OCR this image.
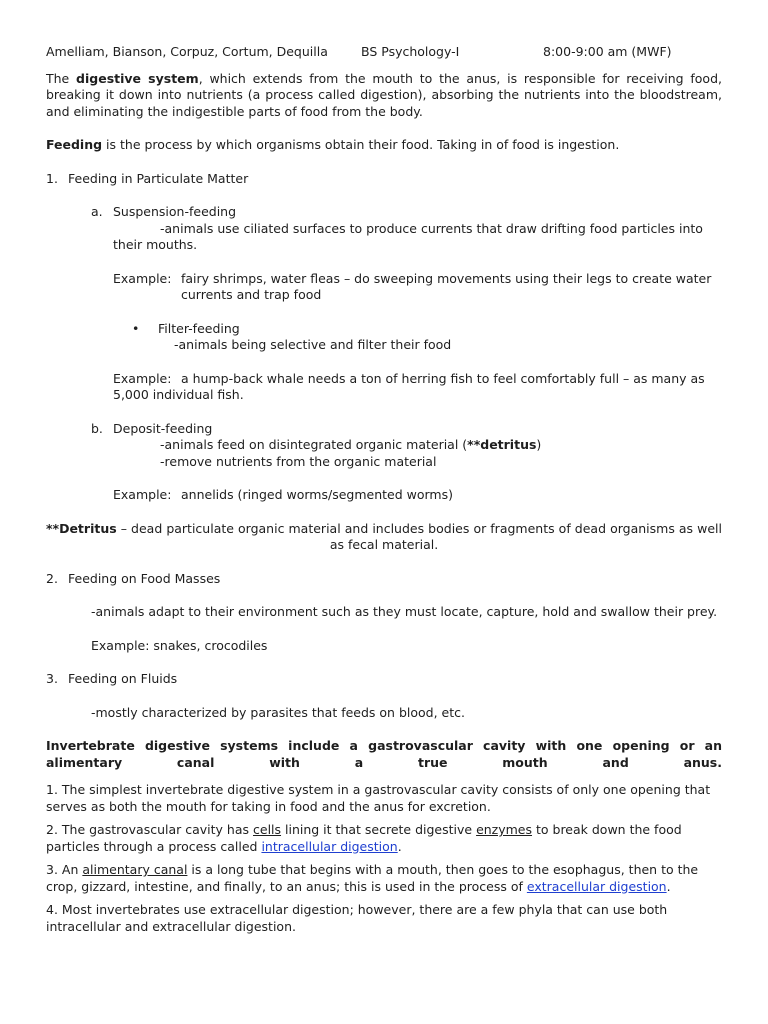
Amelliam, Bianson, Corpuz, Cortum, Dequilla	BS Psychology-I	8:00-9:00 am (MWF)

The digestive system, which extends from the mouth to the anus, is responsible for receiving food, breaking it down into nutrients (a process called digestion), absorbing the nutrients into the bloodstream, and eliminating the indigestible parts of food from the body.

Feeding is the process by which organisms obtain their food. Taking in of food is ingestion.

1. Feeding in Particulate Matter
a. Suspension-feeding

-animals use ciliated surfaces to produce currents that draw drifting food particles into their mouths.

Example: fairy shrimps, water fleas – do sweeping movements using their legs to create water currents and trap food
•	Filter-feeding

-animals being selective and filter their food

Example: a hump-back whale needs a ton of herring fish to feel comfortably full – as many as 5,000 individual fish.
b. Deposit-feeding

-animals feed on disintegrated organic material (**detritus)

-remove nutrients from the organic material

Example: annelids (ringed worms/segmented worms)

**Detritus – dead particulate organic material and includes bodies or fragments of dead organisms as well

as fecal material.

2. Feeding on Food Masses

-animals adapt to their environment such as they must locate, capture, hold and swallow their prey.

Example: snakes, crocodiles

3. Feeding on Fluids

-mostly characterized by parasites that feeds on blood, etc.

Invertebrate digestive systems include a gastrovascular cavity with one opening or an

alimentary canal with a true mouth and anus.

1. The simplest invertebrate digestive system in a gastrovascular cavity consists of only one opening that serves as both the mouth for taking in food and the anus for excretion.

2. The gastrovascular cavity has cells lining it that secrete digestive enzymes to break down the food particles through a process called intracellular digestion.

3. An alimentary canal is a long tube that begins with a mouth, then goes to the esophagus, then to the crop, gizzard, intestine, and finally, to an anus; this is used in the process of extracellular digestion.

4. Most invertebrates use extracellular digestion; however, there are a few phyla that can use both intracellular and extracellular digestion.
